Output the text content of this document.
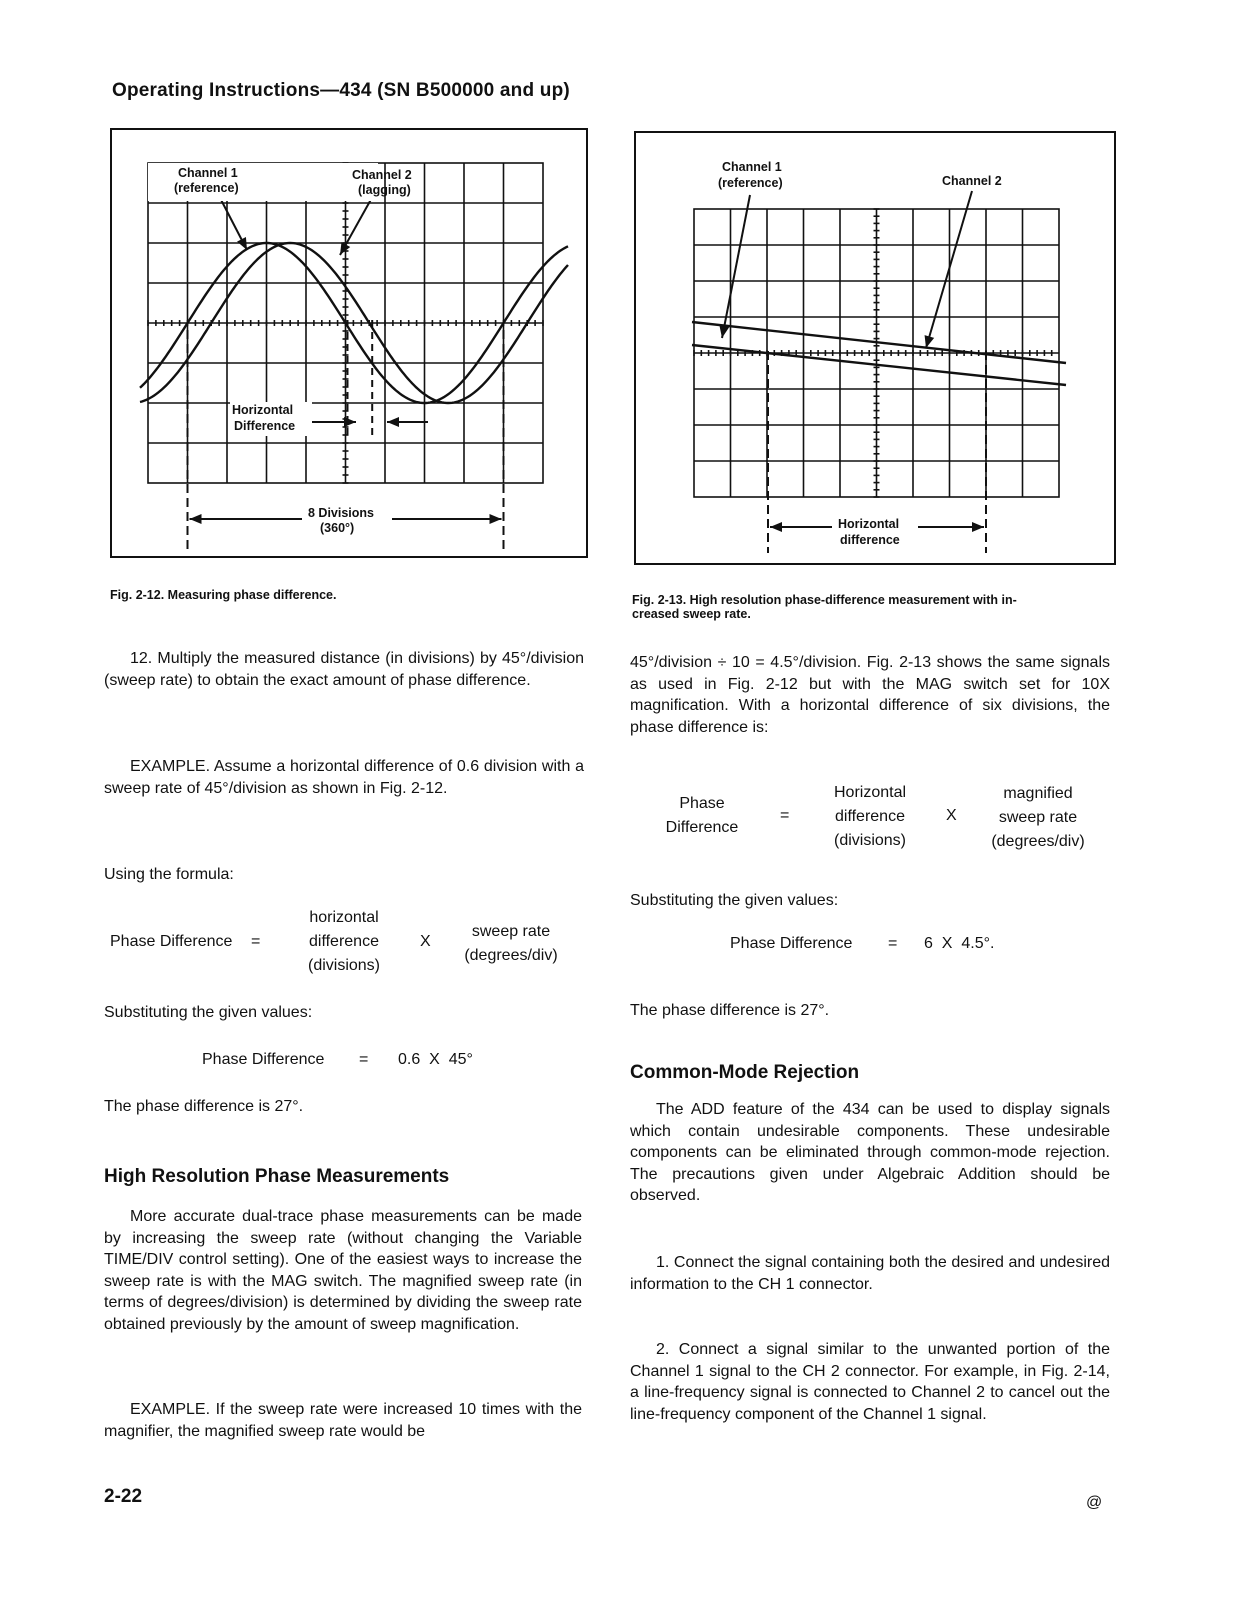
Operating Instructions—434 (SN B500000 and up)
Channel 1
(reference)
Channel 2
(lagging)
Horizontal
Difference
8 Divisions
(360°)
Fig. 2-12. Measuring phase difference.
Channel 1
(reference)	Channel 2
Horizontal
difference
Fig. 2-13. High resolution phase-difference measurement with in-
creased sweep rate.

12. Multiply the measured distance (in divisions) by 45°/division (sweep rate) to obtain the exact amount of phase difference.

EXAMPLE. Assume a horizontal difference of 0.6 division with a sweep rate of 45°/division as shown in Fig. 2-12.

Using the formula:
Phase Difference =
horizontal
difference
(divisions)
X
sweep rate
(degrees/div)
Substituting the given values:
Phase Difference = 0.6  X  45°
The phase difference is 27°.
High Resolution Phase Measurements

More accurate dual-trace phase measurements can be made by increasing the sweep rate (without changing the Variable TIME/DIV control setting). One of the easiest ways to increase the sweep rate is with the MAG switch. The magnified sweep rate (in terms of degrees/division) is determined by dividing the sweep rate obtained previously by the amount of sweep magnification.

EXAMPLE. If the sweep rate were increased 10 times with the magnifier, the magnified sweep rate would be

45°/division ÷ 10 = 4.5°/division. Fig. 2-13 shows the same signals as used in Fig. 2-12 but with the MAG switch set for 10X magnification. With a horizontal difference of six divisions, the phase difference is:

Phase
Difference
=
Horizontal
difference
(divisions)
X
magnified
sweep rate
(degrees/div)
Substituting the given values:
Phase Difference = 6  X  4.5°.
The phase difference is 27°.
Common-Mode Rejection

The ADD feature of the 434 can be used to display signals which contain undesirable components. These undesirable components can be eliminated through common-mode rejection. The precautions given under Algebraic Addition should be observed.

1. Connect the signal containing both the desired and undesired information to the CH 1 connector.

2. Connect a signal similar to the unwanted portion of the Channel 1 signal to the CH 2 connector. For example, in Fig. 2-14, a line-frequency signal is connected to Channel 2 to cancel out the line-frequency component of the Channel 1 signal.

2-22	@
